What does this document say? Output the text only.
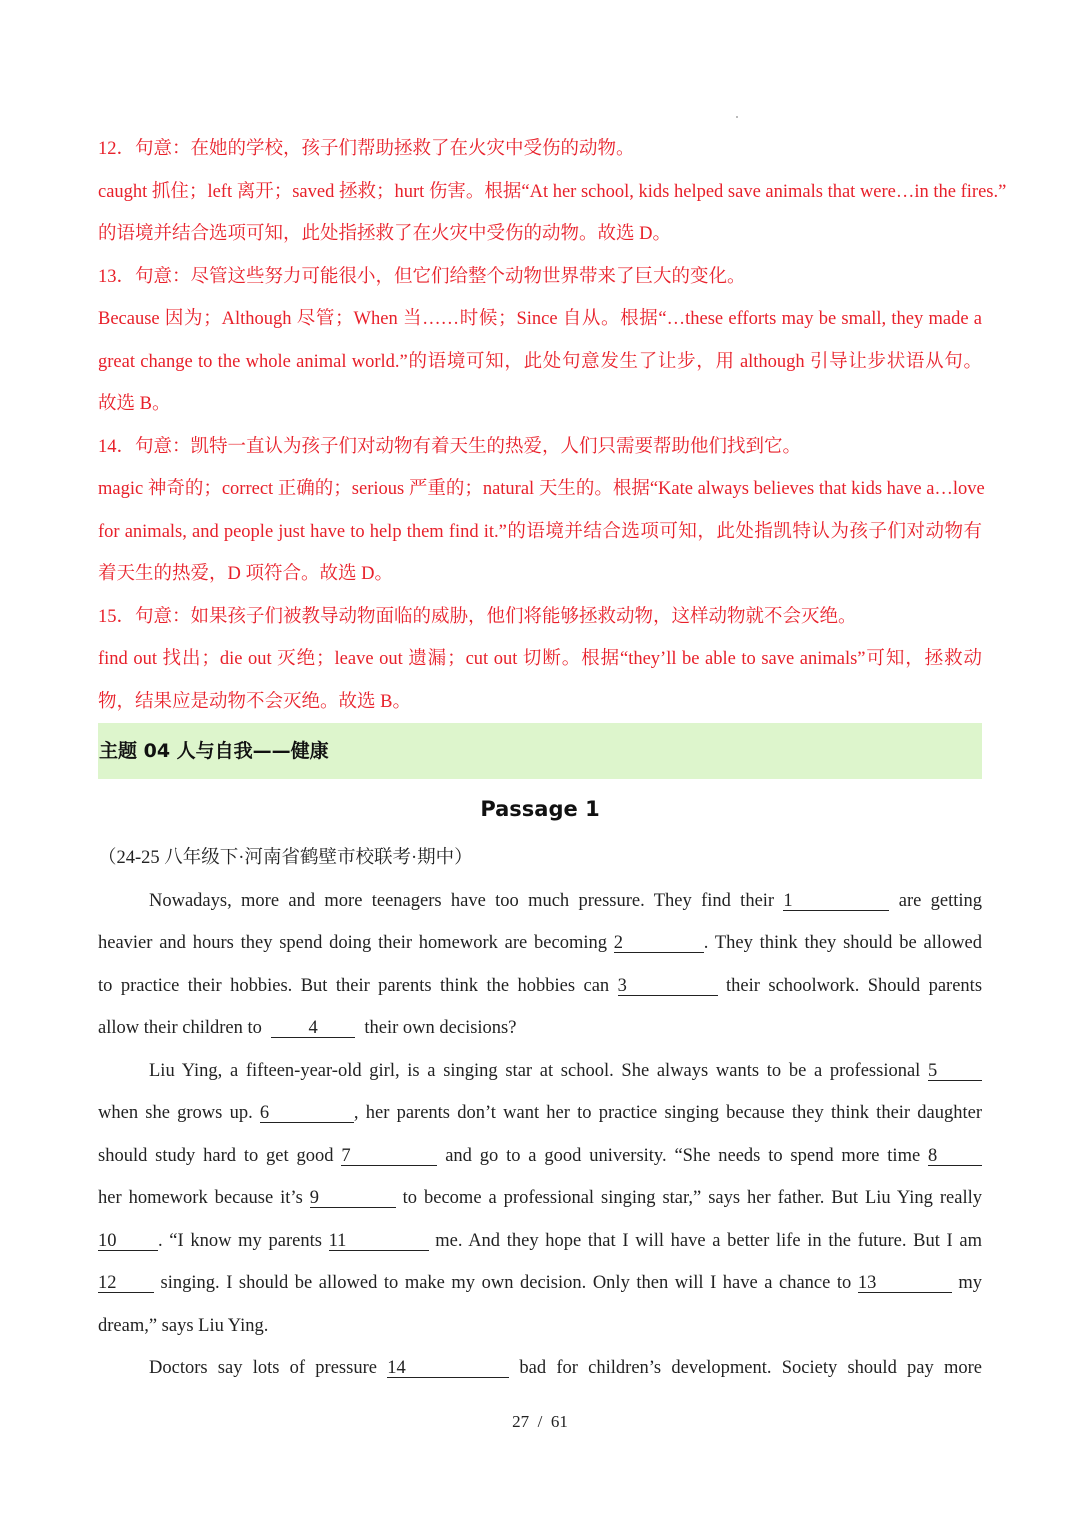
12．句意：在她的学校，孩子们帮助拯救了在火灾中受伤的动物。

caught 抓住；left 离开；saved 拯救；hurt 伤害。根据“At her school, kids helped save animals that were…in the fires.”

的语境并结合选项可知，此处指拯救了在火灾中受伤的动物。故选 D。

13．句意：尽管这些努力可能很小，但它们给整个动物世界带来了巨大的变化。

Because 因为；Although 尽管；When 当……时候；Since 自从。根据“…these efforts may be small, they made a

great change to the whole animal world.”的语境可知，此处句意发生了让步，用 although 引导让步状语从句。

故选 B。

14．句意：凯特一直认为孩子们对动物有着天生的热爱，人们只需要帮助他们找到它。

magic 神奇的；correct 正确的；serious 严重的；natural 天生的。根据“Kate always believes that kids have a…love

for animals, and people just have to help them find it.”的语境并结合选项可知，此处指凯特认为孩子们对动物有

着天生的热爱，D 项符合。故选 D。

15．句意：如果孩子们被教导动物面临的威胁，他们将能够拯救动物，这样动物就不会灭绝。

find out 找出；die out 灭绝；leave out 遗漏；cut out 切断。根据“they’ll be able to save animals”可知，拯救动

物，结果应是动物不会灭绝。故选 B。

主题 04 人与自我——健康
Passage 1

（24-25 八年级下·河南省鹤壁市校联考·期中）

Nowadays, more and more teenagers have too much pressure. They find their 1	are getting

heavier and hours they spend doing their homework are becoming 2	. They think they should be allowed

to practice their hobbies. But their parents think the hobbies can 3	their schoolwork. Should parents

allow their children to	4	their own decisions?

Liu Ying, a fifteen-year-old girl, is a singing star at school. She always wants to be a professional 5

when she grows up. 6	, her parents don’t want her to practice singing because they think their daughter

should study hard to get good 7	and go to a good university. “She needs to spend more time 8

her homework because it’s 9	to become a professional singing star,” says her father. But Liu Ying really

10 . “I know my parents 11	me. And they hope that I will have a better life in the future. But I am

12 singing. I should be allowed to make my own decision. Only then will I have a chance to 13	my

dream,” says Liu Ying.

Doctors say lots of pressure 14	bad for children’s development. Society should pay more

27 / 61
